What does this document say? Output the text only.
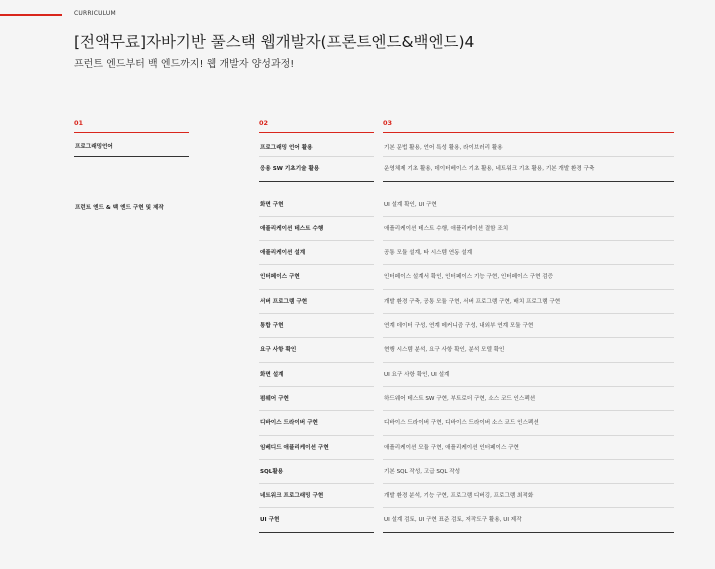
CURRICULUM
[전액무료]자바기반 풀스택 웹개발자(프론트엔드&백엔드)4

프런트 엔드부터 백 엔드까지! 웹 개발자 양성과정!

01
프로그래밍언어
프런트 엔드 & 백 엔드 구현 및 제작
02
프로그래밍 언어 활용
응용 SW 기초기술 활용
화면 구현
애플리케이션 테스트 수행
애플리케이션 설계
인터페이스 구현
서버 프로그램 구현
통합 구현
요구 사항 확인
화면 설계
펌웨어 구현
디바이스 드라이버 구현
임베디드 애플리케이션 구현
SQL활용
네트워크 프로그래밍 구현
UI 구현
03
기본 문법 활용, 언어 특성 활용, 라이브러리 활용
운영체제 기초 활용, 데이터베이스 기초 활용, 네트워크 기초 활용, 기본 개발 환경 구축
UI 설계 확인, UI 구현
애플리케이션 테스트 수행, 애플리케이션 결함 조치
공통 모듈 설계, 타 시스템 연동 설계
인터페이스 설계서 확인, 인터페이스 기능 구현, 인터페이스 구현 검증
개발 환경 구축, 공통 모듈 구현, 서버 프로그램 구현, 배치 프로그램 구현
연계 데이터 구성, 연계 메커니즘 구성, 내외부 연계 모듈 구현
현행 시스템 분석, 요구 사항 확인, 분석 모델 확인
UI 요구 사항 확인, UI 설계
하드웨어 테스트 SW 구현, 부트로더 구현, 소스 코드 인스펙션
디바이스 드라이버 구현, 디바이스 드라이버 소스 코드 인스펙션
애플리케이션 모듈 구현, 애플리케이션 인터페이스 구현
기본 SQL 작성, 고급 SQL 작성
개발 환경 분석, 기능 구현, 프로그램 디버깅, 프로그램 최적화
UI 설계 검토, UI 구현 표준 검토, 저작도구 활용, UI 제작
